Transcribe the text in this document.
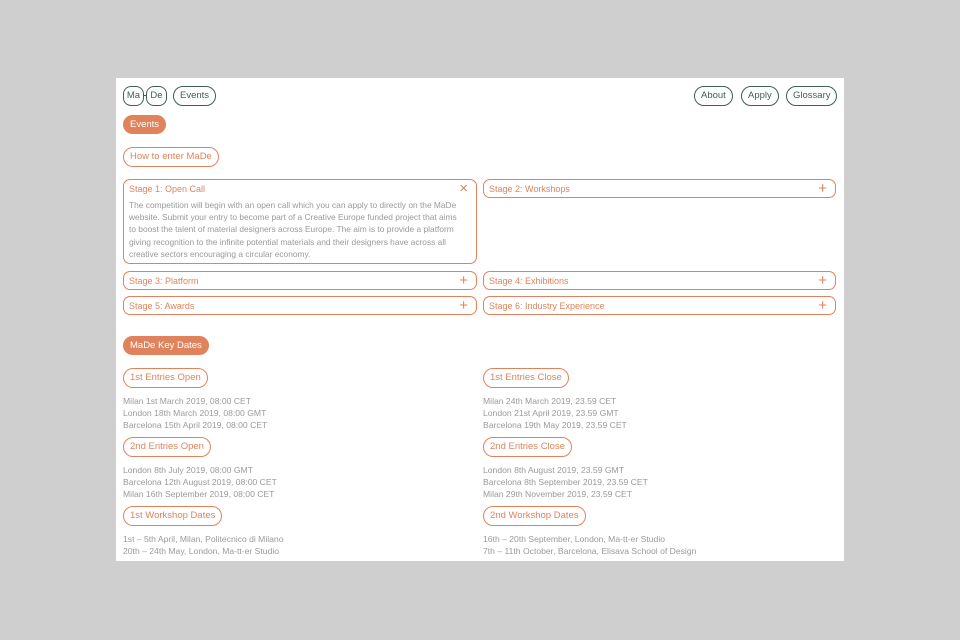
Ma	De	Events	About	Apply	Glossary
Events
How to enter MaDe
Stage 1: Open Call	×
The competition will begin with an open call which you can apply to directly on the MaDe website. Submit your entry to become part of a Creative Europe funded project that aims to boost the talent of material designers across Europe. The aim is to provide a platform giving recognition to the infinite potential materials and their designers have across all creative sectors encouraging a circular economy.
Stage 2: Workshops	+
Stage 3: Platform	+ Stage 4: Exhibitions	+
Stage 5: Awards	+ Stage 6: Industry Experience	+
MaDe Key Dates
1st Entries Open
Milan 1st March 2019, 08:00 CET
London 18th March 2019, 08:00 GMT
Barcelona 15th April 2019, 08:00 CET
1st Entries Close
Milan 24th March 2019, 23.59 CET
London 21st April 2019, 23.59 GMT
Barcelona 19th May 2019, 23.59 CET
2nd Entries Open
London 8th July 2019, 08:00 GMT
Barcelona 12th August 2019, 08:00 CET
Milan 16th September 2019, 08:00 CET
2nd Entries Close
London 8th August 2019, 23.59 GMT
Barcelona 8th September 2019, 23.59 CET
Milan 29th November 2019, 23.59 CET
1st Workshop Dates
1st – 5th April, Milan, Politecnico di Milano
20th – 24th May, London, Ma-tt-er Studio
2nd Workshop Dates
16th – 20th September, London, Ma-tt-er Studio
7th – 11th October, Barcelona, Elisava School of Design
